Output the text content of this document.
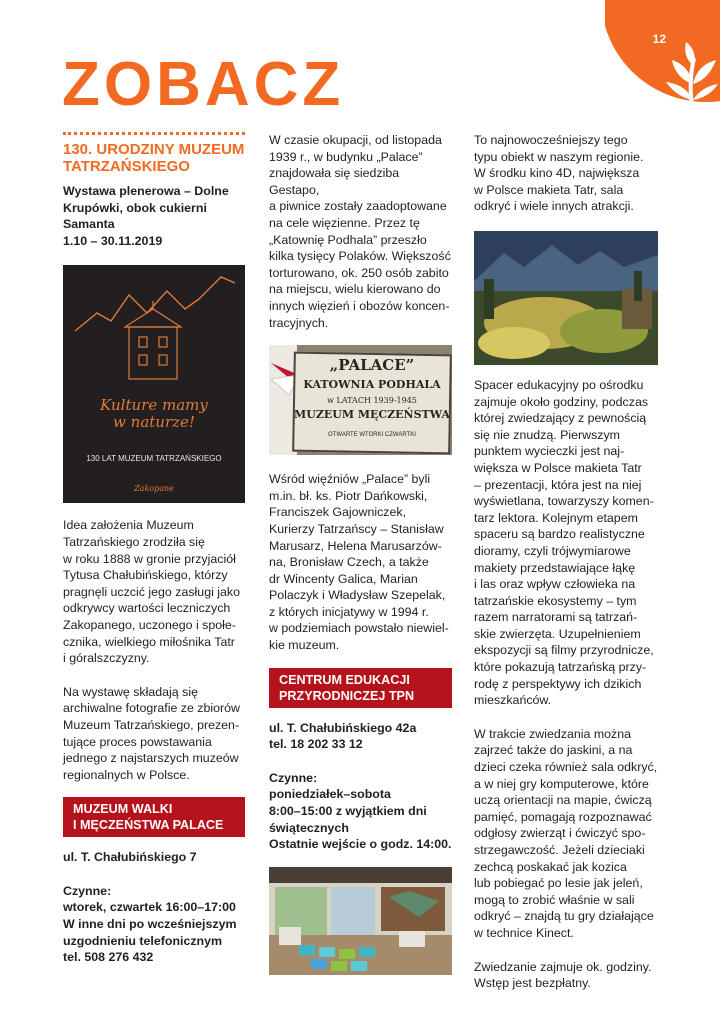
12
ZOBACZ
130. URODZINY MUZEUM TATRZAŃSKIEGO

Wystawa plenerowa – Dolne

Krupówki, obok cukierni

Samanta

1.10 – 30.11.2019

Kulture mamy w naturze!
130 LAT MUZEUM TATRZAŃSKIEGO
Zakopane

Idea założenia Muzeum

Tatrzańskiego zrodziła się

w roku 1888 w gronie przyjaciół

Tytusa Chałubińskiego, którzy

pragnęli uczcić jego zasługi jako

odkrywcy wartości leczniczych

Zakopanego, uczonego i społe-

cznika, wielkiego miłośnika Tatr

i góralszczyzny.

Na wystawę składają się

archiwalne fotografie ze zbiorów

Muzeum Tatrzańskiego, prezen-

tujące proces powstawania

jednego z najstarszych muzeów

regionalnych w Polsce.

MUZEUM WALKI
I MĘCZEŃSTWA PALACE

ul. T. Chałubińskiego 7

Czynne:

wtorek, czwartek 16:00–17:00

W inne dni po wcześniejszym

uzgodnieniu telefonicznym

tel. 508 276 432

W czasie okupacji, od listopada

1939 r., w budynku „Palace”

znajdowała się siedziba Gestapo,

a piwnice zostały zaadoptowane

na cele więzienne. Przez tę

„Katownię Podhala” przeszło

kilka tysięcy Polaków. Większość

torturowano, ok. 250 osób zabito

na miejscu, wielu kierowano do

innych więzień i obozów koncen-

tracyjnych.

„PALACE”
KATOWNIA PODHALA
w LATACH 1939-1945
MUZEUM MĘCZEŃSTWA
OTWARTE WTORKI CZWARTKI

Wśród więźniów „Palace” byli

m.in. bł. ks. Piotr Dańkowski,

Franciszek Gajowniczek,

Kurierzy Tatrzańscy – Stanisław

Marusarz, Helena Marusarzów-

na, Bronisław Czech, a także

dr Wincenty Galica, Marian

Polaczyk i Władysław Szepelak,

z których inicjatywy w 1994 r.

w podziemiach powstało niewiel-

kie muzeum.

CENTRUM EDUKACJI
PRZYRODNICZEJ TPN

ul. T. Chałubińskiego 42a

tel. 18 202 33 12

Czynne:

poniedziałek–sobota

8:00–15:00 z wyjątkiem dni

świątecznych

Ostatnie wejście o godz. 14:00.

To najnowocześniejszy tego

typu obiekt w naszym regionie.

W środku kino 4D, największa

w Polsce makieta Tatr, sala

odkryć i wiele innych atrakcji.

Spacer edukacyjny po ośrodku

zajmuje około godziny, podczas

której zwiedzający z pewnością

się nie znudzą. Pierwszym

punktem wycieczki jest naj-

większa w Polsce makieta Tatr

– prezentacji, która jest na niej

wyświetlana, towarzyszy komen-

tarz lektora. Kolejnym etapem

spaceru są bardzo realistyczne

dioramy, czyli trójwymiarowe

makiety przedstawiające łąkę

i las oraz wpływ człowieka na

tatrzańskie ekosystemy – tym

razem narratorami są tatrzań-

skie zwierzęta. Uzupełnieniem

ekspozycji są filmy przyrodnicze,

które pokazują tatrzańską przy-

rodę z perspektywy ich dzikich

mieszkańców.

W trakcie zwiedzania można

zajrzeć także do jaskini, a na

dzieci czeka również sala odkryć,

a w niej gry komputerowe, które

uczą orientacji na mapie, ćwiczą

pamięć, pomagają rozpoznawać

odgłosy zwierząt i ćwiczyć spo-

strzegawczość. Jeżeli dzieciaki

zechcą poskakać jak kozica

lub pobiegać po lesie jak jeleń,

mogą to zrobić właśnie w sali

odkryć – znajdą tu gry działające

w technice Kinect.

Zwiedzanie zajmuje ok. godziny.

Wstęp jest bezpłatny.
